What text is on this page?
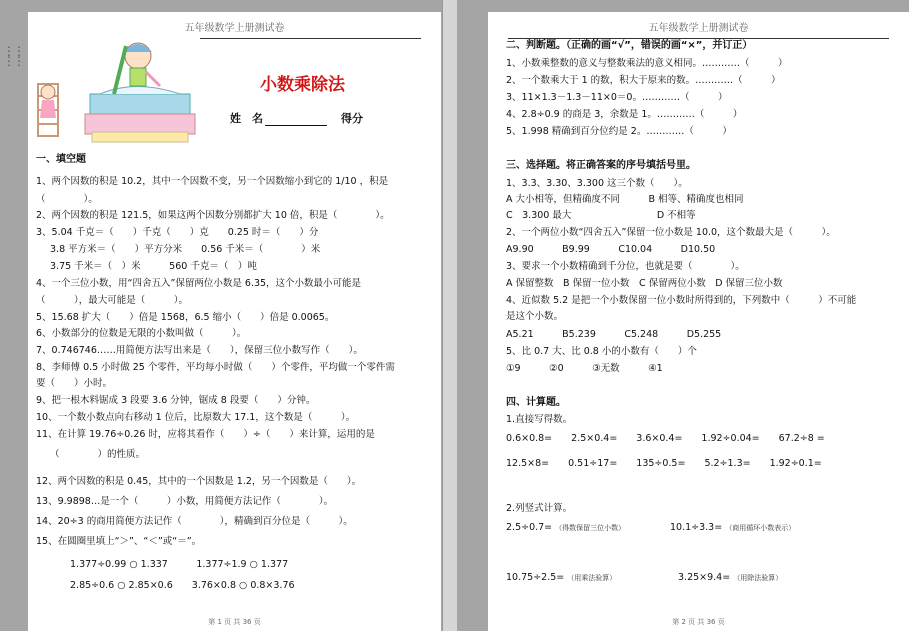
⋮⋮
⋮⋮
五年级数学上册测试卷
小数乘除法
姓　名	得分
一、填空题
1、两个因数的积是 10.2，其中一个因数不变，另一个因数缩小到它的 1/10 ，积是
（　　　　）。
2、两个因数的积是 121.5，如果这两个因数分别都扩大 10 倍，积是（　　　　）。
3、5.04 千克＝（　　）千克（　　）克　　0.25 时＝（　　）分
3.8 平方米＝（　　）平方分米　　0.56 千米＝（　　　　）米
3.75 千米＝（　）米　　　560 千克＝（　）吨
4、一个三位小数，用“四舍五入”保留两位小数是 6.35，这个小数最小可能是
（　　　），最大可能是（　　　）。
5、15.68 扩大（　　）倍是 1568，6.5 缩小（　　）倍是 0.0065。
6、小数部分的位数是无限的小数叫做（　　　）。
7、0.746746……用简便方法写出来是（　　），保留三位小数写作（　　）。
8、李师傅 0.5 小时做 25 个零件，平均每小时做（　　）个零件，平均做一个零件需
要（　　）小时。
9、把一根木料锯成 3 段要 3.6 分钟，锯成 8 段要（　　）分钟。
10、一个数小数点向右移动 1 位后，比原数大 17.1，这个数是（　　　）。
11、在计算 19.76÷0.26 时，应将其看作（　　）÷（　　）来计算，运用的是
（　　　　）的性质。
12、两个因数的积是 0.45，其中的一个因数是 1.2，另一个因数是（　　）。
13、9.9898…是一个（　　　）小数，用简便方法记作（　　　　）。
14、20÷3 的商用简便方法记作（　　　　），精确到百分位是（　　　）。
15、在圆圈里填上“＞”、“＜”或“＝”。
1.377÷0.99 ○ 1.337　　　1.377÷1.9 ○ 1.377
2.85÷0.6 ○ 2.85×0.6　　3.76×0.8 ○ 0.8×3.76
第 1 页 共 36 页
五年级数学上册测试卷
二、判断题。（正确的画“√”，错误的画“×”，并订正）
1、小数乘整数的意义与整数乘法的意义相同。…………（　　　）
2、一个数乘大于 1 的数，积大于原来的数。…………（　　　）
3、11×1.3－1.3－11×0＝0。…………（　　　）
4、2.8÷0.9 的商是 3，余数是 1。…………（　　　）
5、1.998 精确到百分位约是 2。…………（　　　）
三、选择题。将正确答案的序号填括号里。
1、3.3、3.30、3.300 这三个数（　　）。
A 大小相等，但精确度不同　　　B 相等、精确度也相同
C　3.300 最大　　　　　　　　　D 不相等
2、一个两位小数“四舍五入”保留一位小数是 10.0，这个数最大是（　　　）。
A9.90　　　B9.99　　　C10.04　　　D10.50
3、要求一个小数精确到千分位，也就是要（　　　　）。
A 保留整数　B 保留一位小数　C 保留两位小数　D 保留三位小数
4、近似数 5.2 是把一个小数保留一位小数时所得到的，下列数中（　　　）不可能
是这个小数。
A5.21　　　B5.239　　　C5.248　　　D5.255
5、比 0.7 大、比 0.8 小的小数有（　　）个
①9　　　②0　　　③无数　　　④1
四、计算题。
1.直接写得数。
0.6×0.8=　　2.5×0.4=　　3.6×0.4=　　1.92÷0.04=　　67.2÷8 =
12.5×8=　　0.51÷17=　　135÷0.5=　　5.2÷1.3=　　1.92÷0.1=
2.列竖式计算。
2.5÷0.7= （得数保留三位小数）	10.1÷3.3= （商用循环小数表示）
10.75÷2.5= （用乘法验算）	3.25×9.4= （用除法验算）
第 2 页 共 36 页
